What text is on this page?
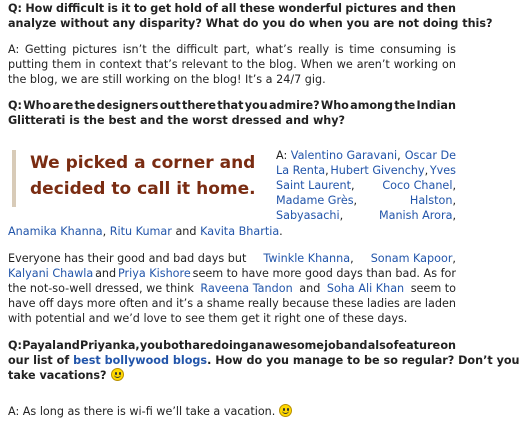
Q: How difficult is it to get hold of all these wonderful pictures and then
analyze without any disparity? What do you do when you are not doing this?
A: Getting pictures isn’t the difficult part, what’s really is time consuming is
putting them in context that’s relevant to the blog. When we aren’t working on
the blog, we are still working on the blog! It’s a 24/7 gig.
Q: Who are the designers out there that you admire? Who among the Indian
Glitterati is the best and the worst dressed and why?
We picked a corner and
decided to call it home.
A: Valentino Garavani, Oscar De
La Renta, Hubert Givenchy, Yves
Saint Laurent, Coco Chanel,
Madame Grès,	Halston,
Sabyasachi,	Manish Arora,
Anamika Khanna, Ritu Kumar and Kavita Bhartia.
Everyone has their good and bad days but Twinkle Khanna, Sonam Kapoor,
Kalyani Chawla and Priya Kishore seem to have more good days than bad. As for
the not-so-well dressed, we think Raveena Tandon and Soha Ali Khan seem to
have off days more often and it’s a shame really because these ladies are laden
with potential and we’d love to see them get it right one of these days.
Q: Payal and Priyanka, you both are doing an awesome job and also feature on
our list of best bollywood blogs. How do you manage to be so regular? Don’t you
take vacations?
A: As long as there is wi-fi we’ll take a vacation.
